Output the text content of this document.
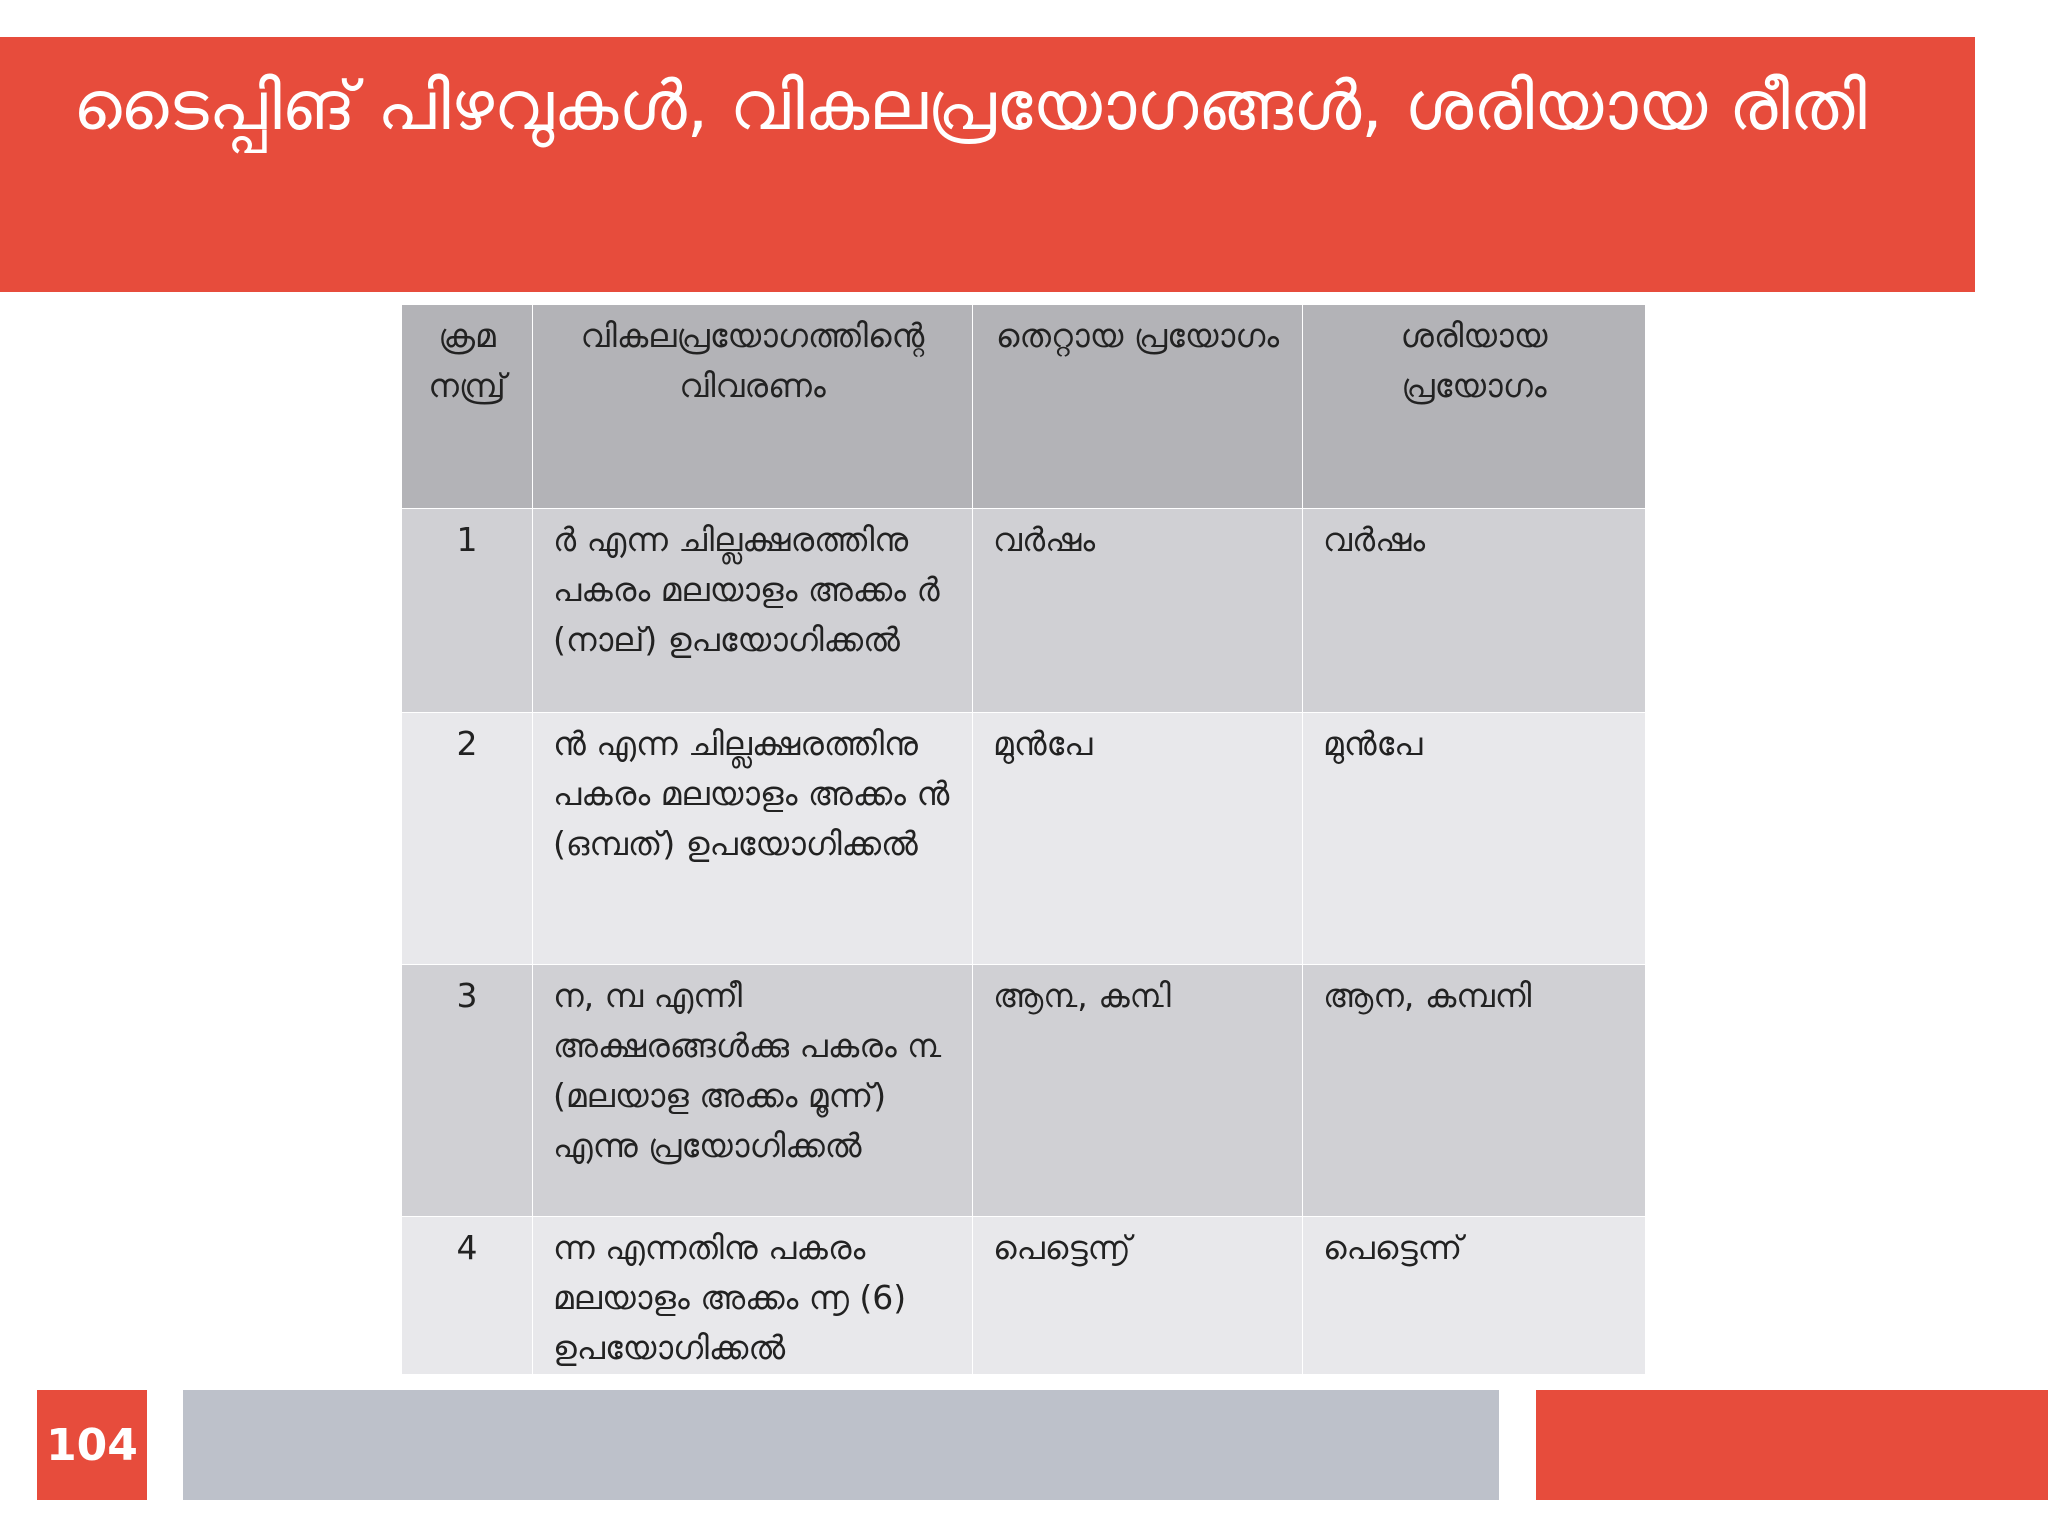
ടൈപ്പിങ് പിഴവുകൾ, വികലപ്രയോഗങ്ങൾ, ശരിയായ രീതി
ക്രമ നമ്പ്ര്	വികലപ്രയോഗത്തിന്റെ വിവരണം	തെറ്റായ പ്രയോഗം	ശരിയായ പ്രയോഗം
1	ര്‍ എന്ന ചില്ലക്ഷരത്തിനു പകരം മലയാളം അക്കം ർ (നാല്) ഉപയോഗിക്കൽ	വർഷം	വർഷം
2	ന്‍ എന്ന ചില്ലക്ഷരത്തിനു പകരം മലയാളം അക്കം ൻ (ഒമ്പത്) ഉപയോഗിക്കൽ	മുൻപേ	മുൻപേ
3	ന, മ്പ എന്നീ അക്ഷരങ്ങൾക്കു പകരം ൩ (മലയാള അക്കം മൂന്ന്) എന്നു പ്രയോഗിക്കൽ	ആ൩, ക൩ി	ആന, കമ്പനി
4	ന്ന എന്നതിനു പകരം മലയാളം അക്കം ൬ (6) ഉപയോഗിക്കൽ	പെട്ടെ൬്	പെട്ടെന്ന്
104
